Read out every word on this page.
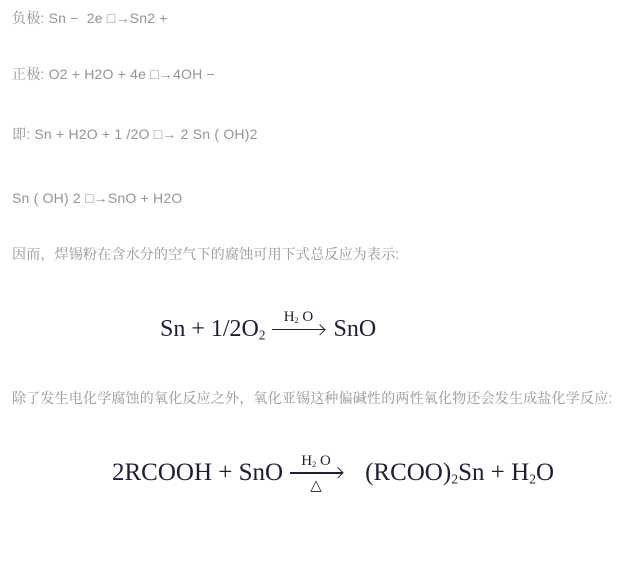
负极: Sn −  2e □→Sn2 +

正极: O2 + H2O + 4e □→4OH −

即: Sn + H2O + 1 /2O □→ 2 Sn ( OH)2

Sn ( OH) 2 □→SnO + H2O

因而，焊锡粉在含水分的空气下的腐蚀可用下式总反应为表示:

$Sn + 1/2O_2$

$H_2$ O

SnO

除了发生电化学腐蚀的氧化反应之外，氧化亚锡这种偏碱性的两性氧化物还会发生成盐化学反应:

2RCOOH + SnO

$H_2$ O

△

$(RCOO)_2Sn + H_2O$
